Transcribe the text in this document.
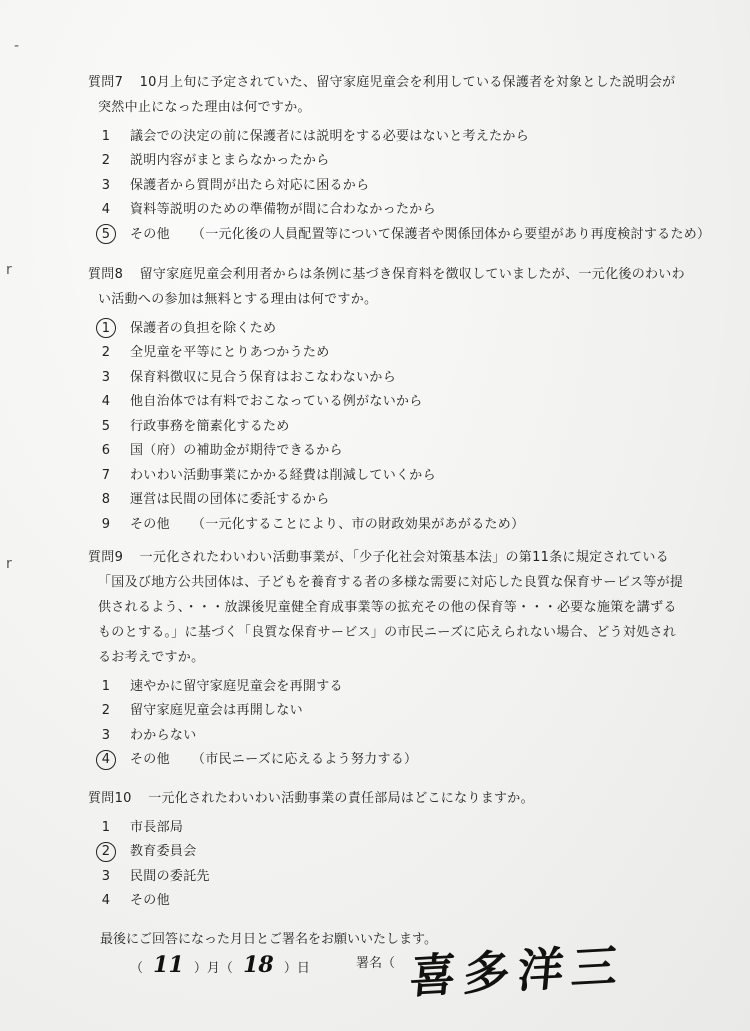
-
r
r
質問7 10月上旬に予定されていた、留守家庭児童会を利用している保護者を対象とした説明会が
突然中止になった理由は何ですか。
1	議会での決定の前に保護者には説明をする必要はないと考えたから
2	説明内容がまとまらなかったから
3	保護者から質問が出たら対応に困るから
4	資料等説明のための準備物が間に合わなかったから
5	その他 （一元化後の人員配置等について保護者や関係団体から要望があり再度検討するため）
質問8 留守家庭児童会利用者からは条例に基づき保育料を徴収していましたが、一元化後のわいわ
い活動への参加は無料とする理由は何ですか。
1	保護者の負担を除くため
2	全児童を平等にとりあつかうため
3	保育料徴収に見合う保育はおこなわないから
4	他自治体では有料でおこなっている例がないから
5	行政事務を簡素化するため
6	国（府）の補助金が期待できるから
7	わいわい活動事業にかかる経費は削減していくから
8	運営は民間の団体に委託するから
9	その他 （一元化することにより、市の財政効果があがるため）
質問9 一元化されたわいわい活動事業が、「少子化社会対策基本法」の第11条に規定されている
「国及び地方公共団体は、子どもを養育する者の多様な需要に対応した良質な保育サービス等が提
供されるよう、・・・放課後児童健全育成事業等の拡充その他の保育等・・・必要な施策を講ずる
ものとする。」に基づく「良質な保育サービス」の市民ニーズに応えられない場合、どう対処され
るお考えですか。
1	速やかに留守家庭児童会を再開する
2	留守家庭児童会は再開しない
3	わからない
4	その他 （市民ニーズに応えるよう努力する）
質問10 一元化されたわいわい活動事業の責任部局はどこになりますか。
1	市長部局
2	教育委員会
3	民間の委託先
4	その他
最後にご回答になった月日とご署名をお願いいたします。
（ 11 ）月（ 18 ）日	署名（ 喜多洋三
